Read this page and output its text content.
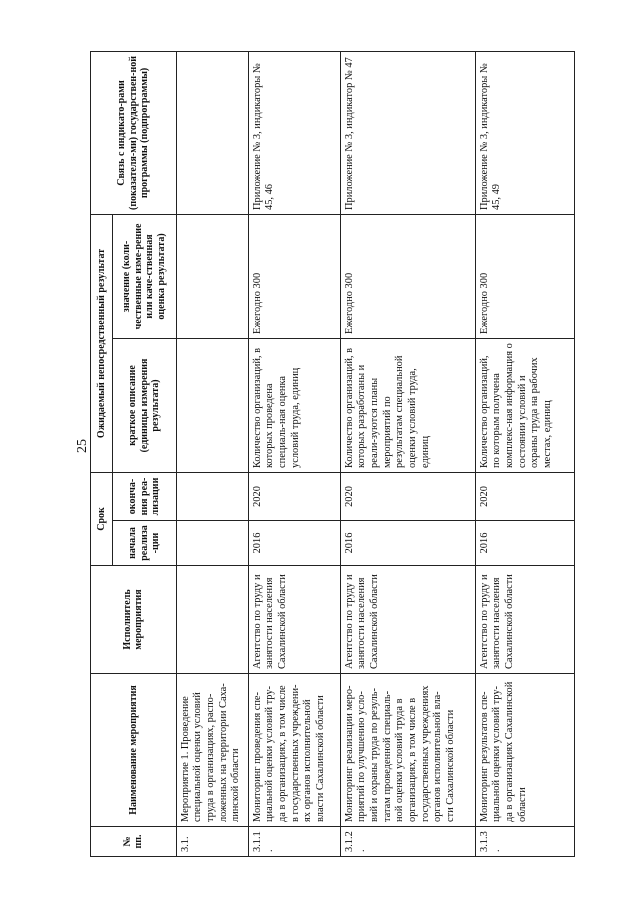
25
№ пп.	Наименование мероприятия	Исполнитель мероприятия	Срок		Ожидаемый непосредственный результат		Связь с индикато-рами (показателя-ми) государствен-ной программы (подпрограммы)
			начала реализа-ции	оконча-ния реа-лизации	краткое описание (единицы измерения результата)	значение (коли-чественные изме-рение или каче-ственная оценка результата)	
3.1.	Мероприятие 1. Проведение специальной оценки условий труда в организациях, распо-ложенных на территории Саха-линской области						
3.1.1.	Мониторинг проведения спе-циальной оценки условий тру-да в организациях, в том числе в государственных учреждени-ях органов исполнительной власти Сахалинской области	Агентство по труду и занятости населения Сахалинской области	2016	2020	Количество организаций, в которых проведена специаль-ная оценка условий труда, единиц	Ежегодно 300	Приложение № 3, индикаторы № 45, 46
3.1.2.	Мониторинг реализации меро-приятий по улучшению усло-вий и охраны труда по резуль-татам проведенной специаль-ной оценки условий труда в организациях, в том числе в государственных учреждениях органов исполнительной вла-сти Сахалинской области	Агентство по труду и занятости населения Сахалинской области	2016	2020	Количество организаций, в которых разработаны и реали-зуются планы мероприятий по результатам специальной оценки условий труда, единиц	Ежегодно 300	Приложение № 3, индикатор № 47
3.1.3.	Мониторинг результатов спе-циальной оценки условий тру-да в организациях Сахалинской области	Агентство по труду и занятости населения Сахалинской области	2016	2020	Количество организаций, по которым получена комплекс-ная информация о состоянии условий и охраны труда на рабочих местах, единиц	Ежегодно 300	Приложение № 3, индикаторы № 45, 49
